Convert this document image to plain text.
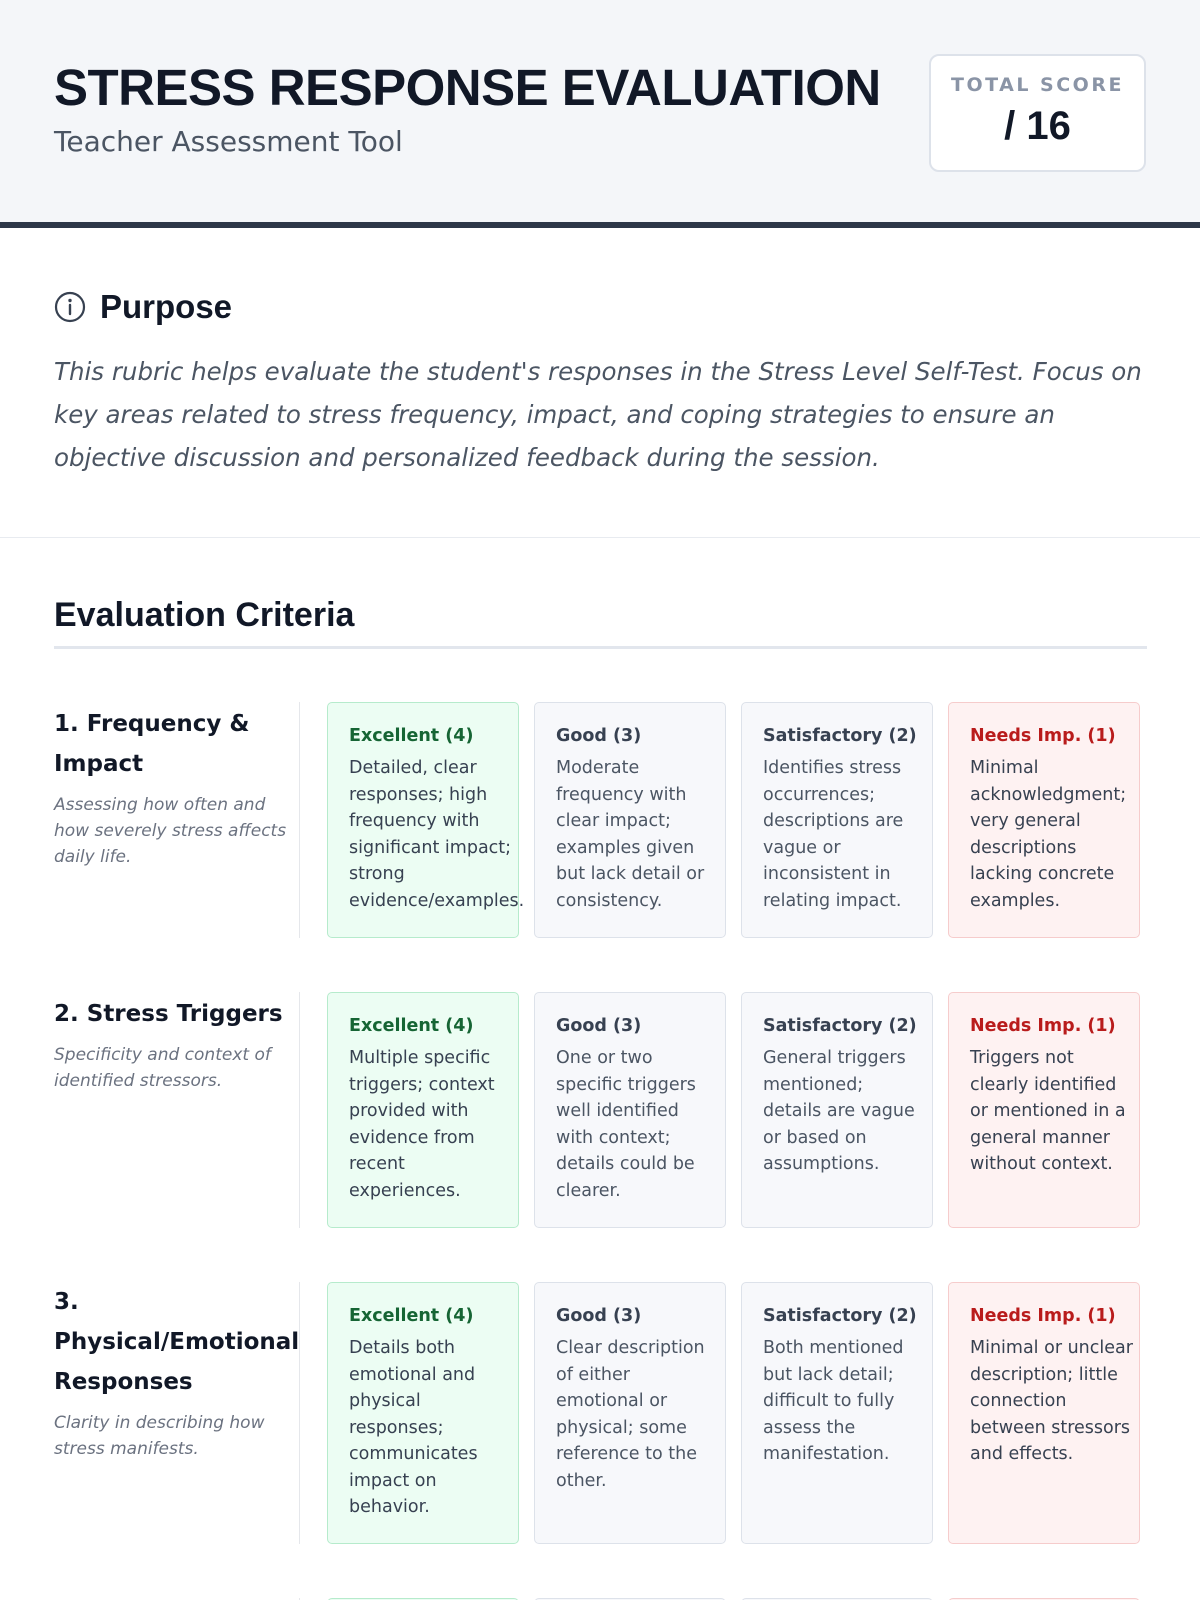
STRESS RESPONSE EVALUATION
Teacher Assessment Tool
TOTAL SCORE
/ 16
Purpose
This rubric helps evaluate the student's responses in the Stress Level Self-Test. Focus on key areas related to stress frequency, impact, and coping strategies to ensure an objective discussion and personalized feedback during the session.
Evaluation Criteria
1. Frequency & Impact
Assessing how often and how severely stress affects daily life.
Excellent (4)
Detailed, clear responses; high frequency with significant impact; strong evidence/examples.
Good (3)
Moderate frequency with clear impact; examples given but lack detail or consistency.
Satisfactory (2)
Identifies stress occurrences; descriptions are vague or inconsistent in relating impact.
Needs Imp. (1)
Minimal acknowledgment; very general descriptions lacking concrete examples.
2. Stress Triggers
Specificity and context of identified stressors.
Excellent (4)
Multiple specific triggers; context provided with evidence from recent experiences.
Good (3)
One or two specific triggers well identified with context; details could be clearer.
Satisfactory (2)
General triggers mentioned; details are vague or based on assumptions.
Needs Imp. (1)
Triggers not clearly identified or mentioned in a general manner without context.
3. Physical/Emotional Responses
Clarity in describing how stress manifests.
Excellent (4)
Details both emotional and physical responses; communicates impact on behavior.
Good (3)
Clear description of either emotional or physical; some reference to the other.
Satisfactory (2)
Both mentioned but lack detail; difficult to fully assess the manifestation.
Needs Imp. (1)
Minimal or unclear description; little connection between stressors and effects.
